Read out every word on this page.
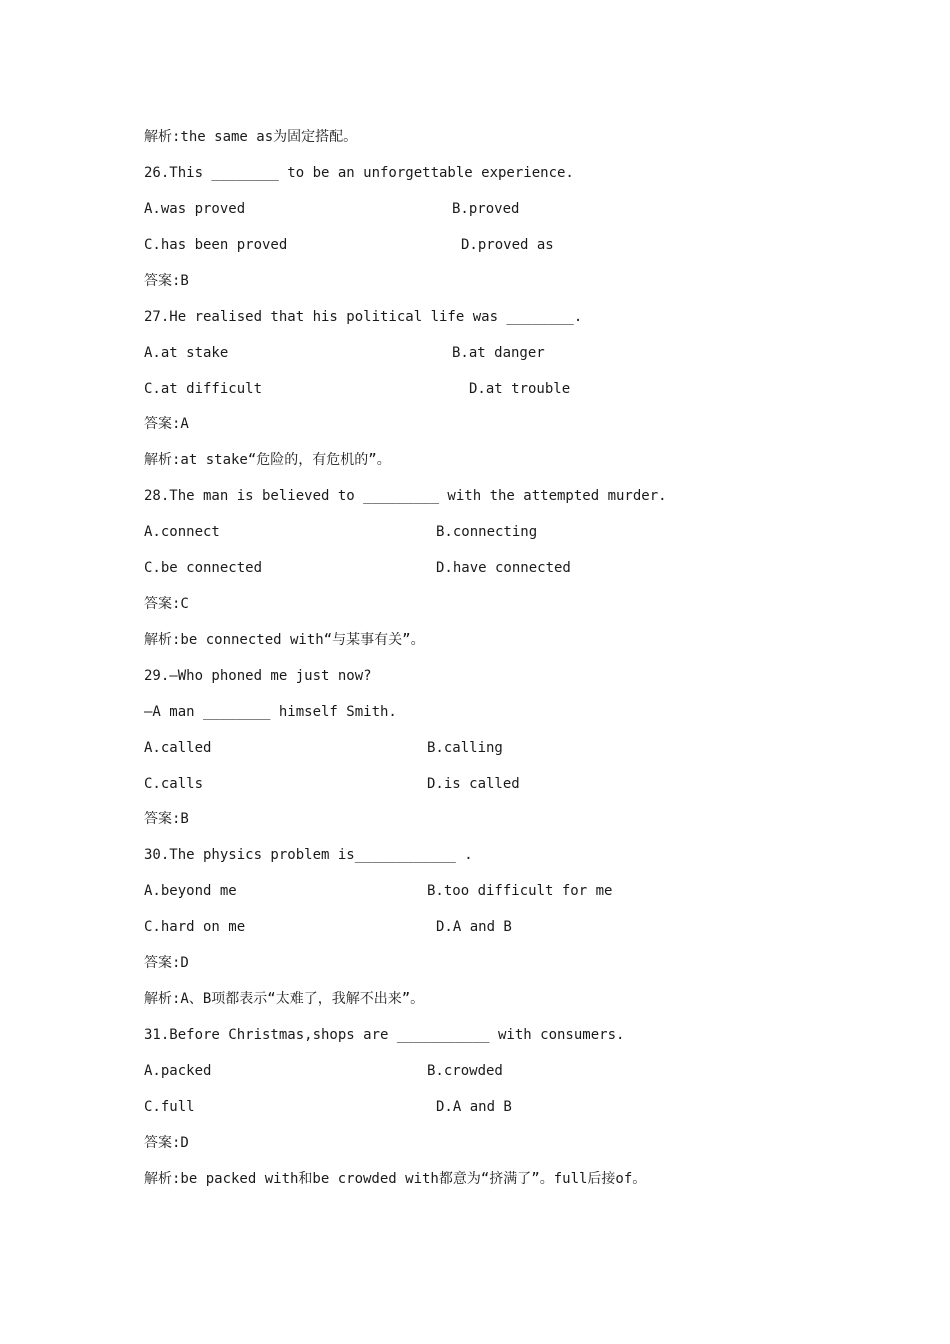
解析:the same as为固定搭配。
26.This ________ to be an unforgettable experience.
A.was proved	B.proved
C.has been proved	D.proved as
答案:B
27.He realised that his political life was ________.
A.at stake	B.at danger
C.at difficult	D.at trouble
答案:A
解析:at stake“危险的，有危机的”。
28.The man is believed to _________ with the attempted murder.
A.connect	B.connecting
C.be connected	D.have connected
答案:C
解析:be connected with“与某事有关”。
29.—Who phoned me just now?
—A man ________ himself Smith.
A.called	B.calling
C.calls	D.is called
答案:B
30.The physics problem is____________ .
A.beyond me	B.too difficult for me
C.hard on me	D.A and B
答案:D
解析:A、B项都表示“太难了，我解不出来”。
31.Before Christmas,shops are ___________ with consumers.
A.packed	B.crowded
C.full	D.A and B
答案:D
解析:be packed with和be crowded with都意为“挤满了”。full后接of。
